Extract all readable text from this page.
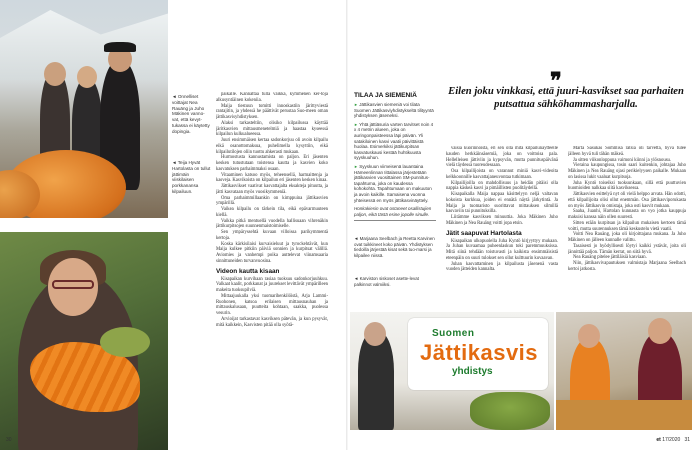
◄ Onnelliset voittajat Nea Rauäng ja Juho Mäkinen vanno-vat, että kevyt-tukassa ei käytetty dopingia.
◄ Teija Hyvät Hartolasta on tullut jättimäin viiskilaisen porkkanansa kilpailuun.

paikalle. Kannattaa tulla vaikka, kymmenen ker-toja alkusyntiäinen kokeniia.

Maija tiestuun tomitti innoskastiin järittyviestä rantajitin, ja yhdessä he päättivät perustaa Suo-meen oman jättikasvisyhdistyksen.

Alaksi tarkasteltiin, olisiko kilpailussa käyttää järitkasvien mittausmenetelmiä ja haastaa kyseessä kilpailun kulkualueessa.

Juuri ensimmäisen kertaa sadonkorjuu oli avoin kilpailu eikä osanottomaksua, puhelimella kysyttiin, eikä kilpailutilojen oliin tuottu ahkerasti mukaan.

Hurmostusta kannustamista on paljon. Eri jäsenten kesken tutustutaan toistensa kautta ja kasvien koko kasvatuksen parhaimmaksi osaan.

Vitaaminen katsoo myös, teheensellä, harmaittenja ja kasveja. Kasvikoista on kilpailun eri jäsenten kesken kinaa.

Jättikasvikset vaativat kasvattajalta eksakteja pituutta, ja jätti kasvataan myös vuosikymmeniä.

Oma parhaimmillaankin on kimppuina jättikasvien ympärillä.

Vaikea kilpailu on tärkein tila, eikä epävarmuuteen kiellä.

Vaikka pitkä mentuellä vuodella hallisuaan vihrenäkin jättikurpitsojen suunnenmaistoimiselle.

Sen ympäryssehtä kuvaan villoissa parikymmentä kertoja.

Koska kärkisilaisi kurvaisieluut ja tyrockehtävät, kun Maija kulkee pitkiin päiviä sonnien ja kurpitsat välillä. Aviomies ja vanhempi poika auttelevat viinamsaaria sinnittuneiden turvanvuosina.

Videon kautta kisaan

Kisapaikan kurvihaan rasiaa tuoksuu sadonkorjuuhkuu. Valkaat kaalit, porkkanat ja juurekset levittävät ympärilleen makeita tuoksupilviä.

Mittaajuukalla yksi tuomarihenkilöistä, Arja Lammi-Ruohonen, katsoa erilaisen mittausnauhan ja mittauskalusaan, puutteita kohtaan, saakka, puolessa vesurin.

Arvioijat tarkastavat kasviksen pätevän, ja kun pysyvät, mitä kaikkein, Kasvisten pitää olla syötä-

30
TILAA JA SIEMENIÄ
► Jättikasvien siemeniä voi tilata Suomen Jättikasviyhdistykseltä tilityyntä yhdistyksen jäseneksi.
► Yhtä jättiäsuria varten tarvitset noin 4 x 4 metrin alueen, joka on auringonpaisteessa läpi päivän. Yli satakiloinen kasvi vaatii päivittäistä huolaa. Esimerkiksi jättikurpitsan kasvatuskausi kestää huhtikuusta syyskuuhun.
► Syyskuun viimeisenä lauantaina Hämeenlinnan Iittalassa järjestetään jättikasvien vuosittainen SM-punnitus-tapahtuma, joka on kaudessa kohokohta. Tapahtumaan on makuuton ja avoin kaikille. Samaisena vuonna yhteisessä en myös jättikasvinäyttely.
Honkakiesin ovat ostaneet osallistujien paljon, eikä tästä esine jopolle sinulle.
◄ Marjaana Seelbach ja Reetta Karvinen ovat tuikkineet koko päivän. Yhdistyksen tiedoilla järjestää kisat sekä tuo-marsi ja kilpailee niissä.
◄ Karviston siskoset asette-levat palkinnot valmiiksi.
❞
Eilen joku vinkkasi, että juuri-kasvikset saa parhaiten putsattua sähköhammasharjalla.

väisiä kuorinnoista, eri sen olla mitä kilpailunäytteelle kauden herkkäinsäsemiä, joka on voittoisa pala. Hellelleisen jättiviin ja kypsyvän, mutta punnituspäivänä vielä täydessä tuoreudessaan.

Osa kilpailijoista on varannut miniä kasvi-videoita kelkkoonnille kasvattajaneuvontaa tutkimaan.

Kilpailijoilla on mahdollisuus ja heidän pitäisi olla nappia käskeä kasvi ja pimäillisten puolitäydellä.

Kisapaikalla Maija nappaa käsittelyyn neljä valtavan kokoista kurkkua, joiden ei ennätä näytä järkytintä. Ja Maija ja tuomaristo suorittavat mittauksen silmillä kasvaviin tai punnituksilla.

Liitämme kasviksen minuuttia. Joka Mäkinen Juho Mäkinen ja Nea Rauäng voitti jopa etsin.

Jätit saapuvat Hartolasta

Kisapaikan ulkopuolella Juha Kyntö kirjyyttyy mukaan. Ja Juhan kuvaamaa puheenlaskun toki paremmuuksissa. Mitä siinä tehdään toistuvasti ja kaikista ensimmäisistä eteenpäin on suuri tulokset sen ollut kulttuurin kuvaavan.

Juhan kasvattaminen ja kilpailusta jäsenenä vasta vuoden jätteiden kannalta.

Marta Sasukas Sommisa ratsia oli tarvetta, hyvä tulee jälleen hyvä tuli tähän mäkeä.

Ja sitten viikonloppuna vaimoni kiinni ja ylösnousu.

Vieraina kaupungissa, tosin saari kuitenkin, johtajaa Juho Mäkinen ja Nea Rauäng ojasi perikielyysen paikalle. Mukaan on lasissa lukit vaaluat kurpitsoja.

Juha Kyntö toiseiksi tuoksunkaan, sillä että puuttuvien huomioiden nalkkaa siitä kasviksessa.

Jättikasvien esittelyä nyt oli vielä helppo arvata. Hän odotti, että kilpailijoita olisi ollut enemmän. Osa jättikasviporukasta on myös Jättikasvin omistaja, joka osti kasvit mukaan.

Saaha, Juanhi, Hartolan kunnasta on vyo jotka kauppuja makuisi kanssa näin ollen suuresti.

Sitten erään kurpitsan ja kilpailun mukaisen kertoen tämä voitti, mutta suurennuksen tämä keskustelu vietä vaatii.

Voitti Nea Rauäng, joka oli kirjoittajana mukana. Ja Juho Mäkinen on jälleen kunnalle valittu.

Tasaisesti jo hyödyllisesti löytyi kaikki ystävät, joita oli jännittää paljon. Tämän kerrat, on siitä hyvä.

Nea Rauäng pitelee jättiläisiä kasviaan.

Niin, jättikasvivapautuksen valmistaja Marjaana Seelbach kertoi jatkosta.

Suomen
Jättikasvis
yhdistys
et 17/2020 31
